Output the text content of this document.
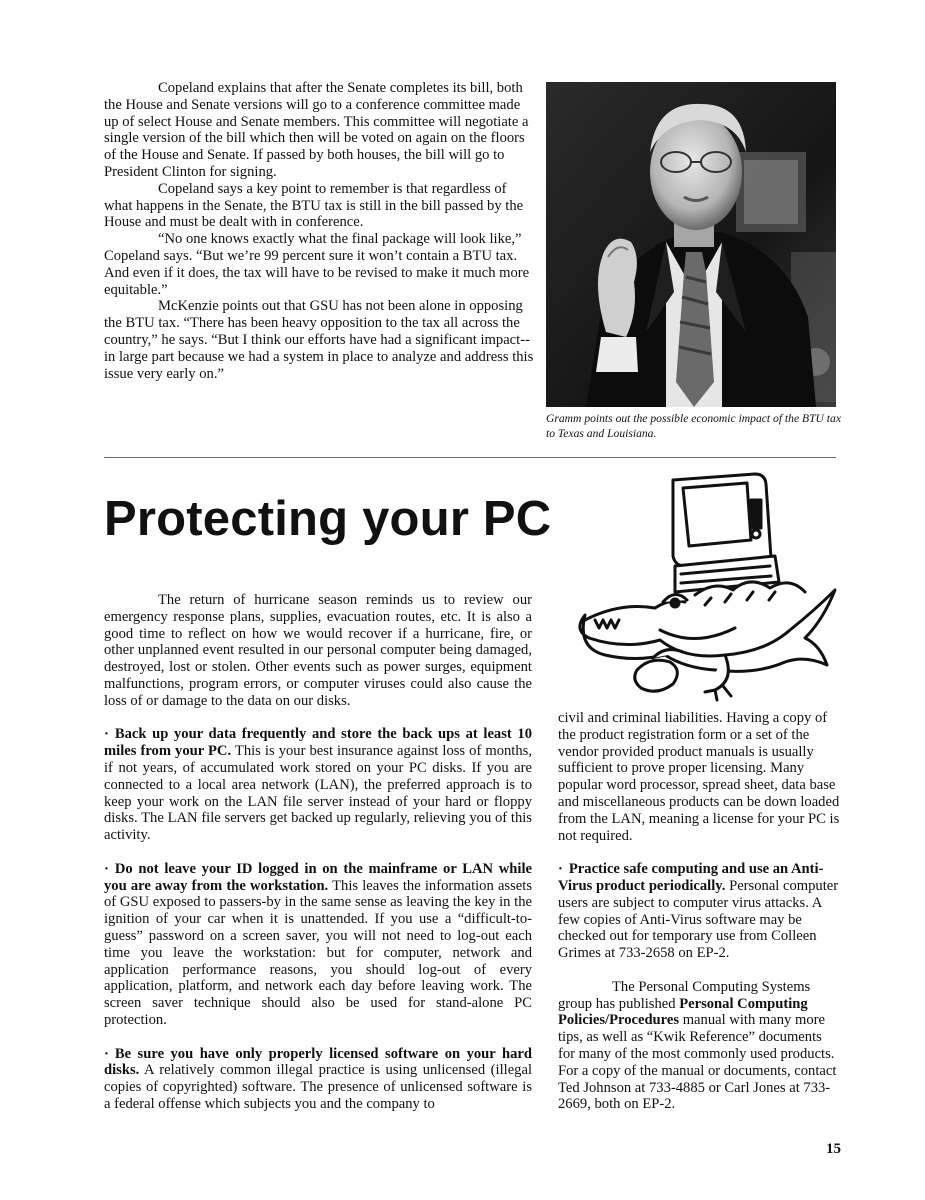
Copeland explains that after the Senate completes its bill, both the House and Senate versions will go to a conference committee made up of select House and Senate members. This committee will negotiate a single version of the bill which then will be voted on again on the floors of the House and Senate. If passed by both houses, the bill will go to President Clinton for signing.

Copeland says a key point to remember is that regardless of what happens in the Senate, the BTU tax is still in the bill passed by the House and must be dealt with in conference.

“No one knows exactly what the final package will look like,” Copeland says. “But we’re 99 percent sure it won’t contain a BTU tax. And even if it does, the tax will have to be revised to make it much more equitable.”

McKenzie points out that GSU has not been alone in opposing the BTU tax. “There has been heavy opposition to the tax all across the country,” he says. “But I think our efforts have had a significant impact--in large part because we had a system in place to analyze and address this issue very early on.”

Gramm points out the possible economic impact of the BTU tax to Texas and Louisiana.
Protecting your PC

The return of hurricane season reminds us to review our emergency response plans, supplies, evacuation routes, etc. It is also a good time to reflect on how we would recover if a hurricane, fire, or other unplanned event resulted in our personal computer being damaged, destroyed, lost or stolen. Other events such as power surges, equipment malfunctions, program errors, or computer viruses could also cause the loss of or damage to the data on our disks.

· Back up your data frequently and store the back ups at least 10 miles from your PC. This is your best insurance against loss of months, if not years, of accumulated work stored on your PC disks. If you are connected to a local area network (LAN), the preferred approach is to keep your work on the LAN file server instead of your hard or floppy disks. The LAN file servers get backed up regularly, relieving you of this activity.

· Do not leave your ID logged in on the mainframe or LAN while you are away from the workstation. This leaves the information assets of GSU exposed to passers-by in the same sense as leaving the key in the ignition of your car when it is unattended. If you use a “difficult-to-guess” password on a screen saver, you will not need to log-out each time you leave the workstation: but for computer, network and application performance reasons, you should log-out of every application, platform, and network each day before leaving work. The screen saver technique should also be used for stand-alone PC protection.

· Be sure you have only properly licensed software on your hard disks. A relatively common illegal practice is using unlicensed (illegal copies of copyrighted) software. The presence of unlicensed software is a federal offense which subjects you and the company to

civil and criminal liabilities. Having a copy of the product registration form or a set of the vendor provided product manuals is usually sufficient to prove proper licensing. Many popular word processor, spread sheet, data base and miscellaneous products can be down loaded from the LAN, meaning a license for your PC is not required.

· Practice safe computing and use an Anti-Virus product periodically. Personal computer users are subject to computer virus attacks. A few copies of Anti-Virus software may be checked out for temporary use from Colleen Grimes at 733-2658 on EP-2.

The Personal Computing Systems group has published Personal Computing Policies/Procedures manual with many more tips, as well as “Kwik Reference” documents for many of the most commonly used products. For a copy of the manual or documents, contact Ted Johnson at 733-4885 or Carl Jones at 733-2669, both on EP-2.

15
